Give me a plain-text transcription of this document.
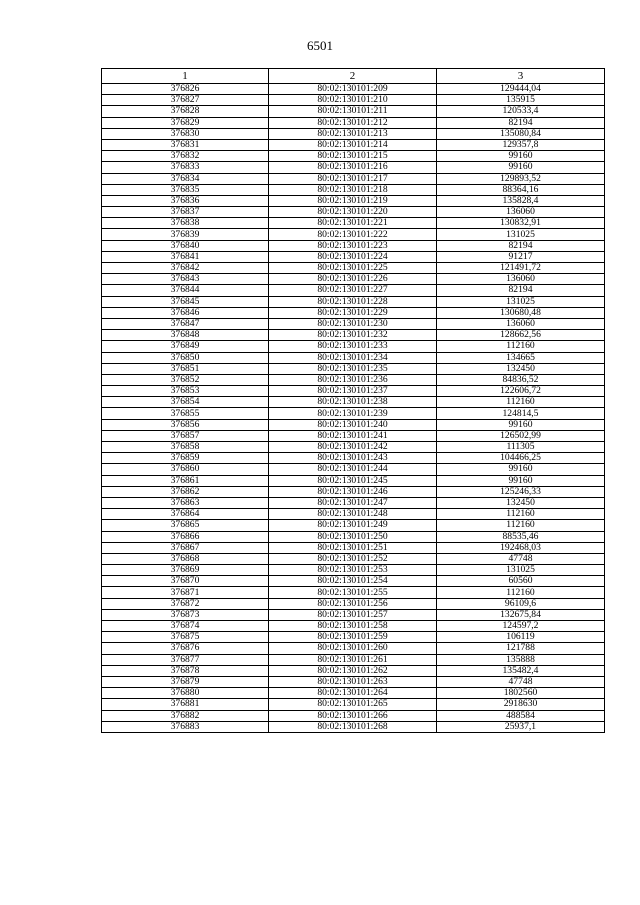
6501
1	2	3
376826	80:02:130101:209	129444,04
376827	80:02:130101:210	135915
376828	80:02:130101:211	120533,4
376829	80:02:130101:212	82194
376830	80:02:130101:213	135080,84
376831	80:02:130101:214	129357,8
376832	80:02:130101:215	99160
376833	80:02:130101:216	99160
376834	80:02:130101:217	129893,52
376835	80:02:130101:218	88364,16
376836	80:02:130101:219	135828,4
376837	80:02:130101:220	136060
376838	80:02:130101:221	130832,91
376839	80:02:130101:222	131025
376840	80:02:130101:223	82194
376841	80:02:130101:224	91217
376842	80:02:130101:225	121491,72
376843	80:02:130101:226	136060
376844	80:02:130101:227	82194
376845	80:02:130101:228	131025
376846	80:02:130101:229	130680,48
376847	80:02:130101:230	136060
376848	80:02:130101:232	128662,56
376849	80:02:130101:233	112160
376850	80:02:130101:234	134665
376851	80:02:130101:235	132450
376852	80:02:130101:236	84836,52
376853	80:02:130101:237	122606,72
376854	80:02:130101:238	112160
376855	80:02:130101:239	124814,5
376856	80:02:130101:240	99160
376857	80:02:130101:241	126502,99
376858	80:02:130101:242	111305
376859	80:02:130101:243	104466,25
376860	80:02:130101:244	99160
376861	80:02:130101:245	99160
376862	80:02:130101:246	125246,33
376863	80:02:130101:247	132450
376864	80:02:130101:248	112160
376865	80:02:130101:249	112160
376866	80:02:130101:250	88535,46
376867	80:02:130101:251	192468,03
376868	80:02:130101:252	47748
376869	80:02:130101:253	131025
376870	80:02:130101:254	60560
376871	80:02:130101:255	112160
376872	80:02:130101:256	96109,6
376873	80:02:130101:257	132675,84
376874	80:02:130101:258	124597,2
376875	80:02:130101:259	106119
376876	80:02:130101:260	121788
376877	80:02:130101:261	135888
376878	80:02:130101:262	135482,4
376879	80:02:130101:263	47748
376880	80:02:130101:264	1802560
376881	80:02:130101:265	2918630
376882	80:02:130101:266	488584
376883	80:02:130101:268	25937,1
